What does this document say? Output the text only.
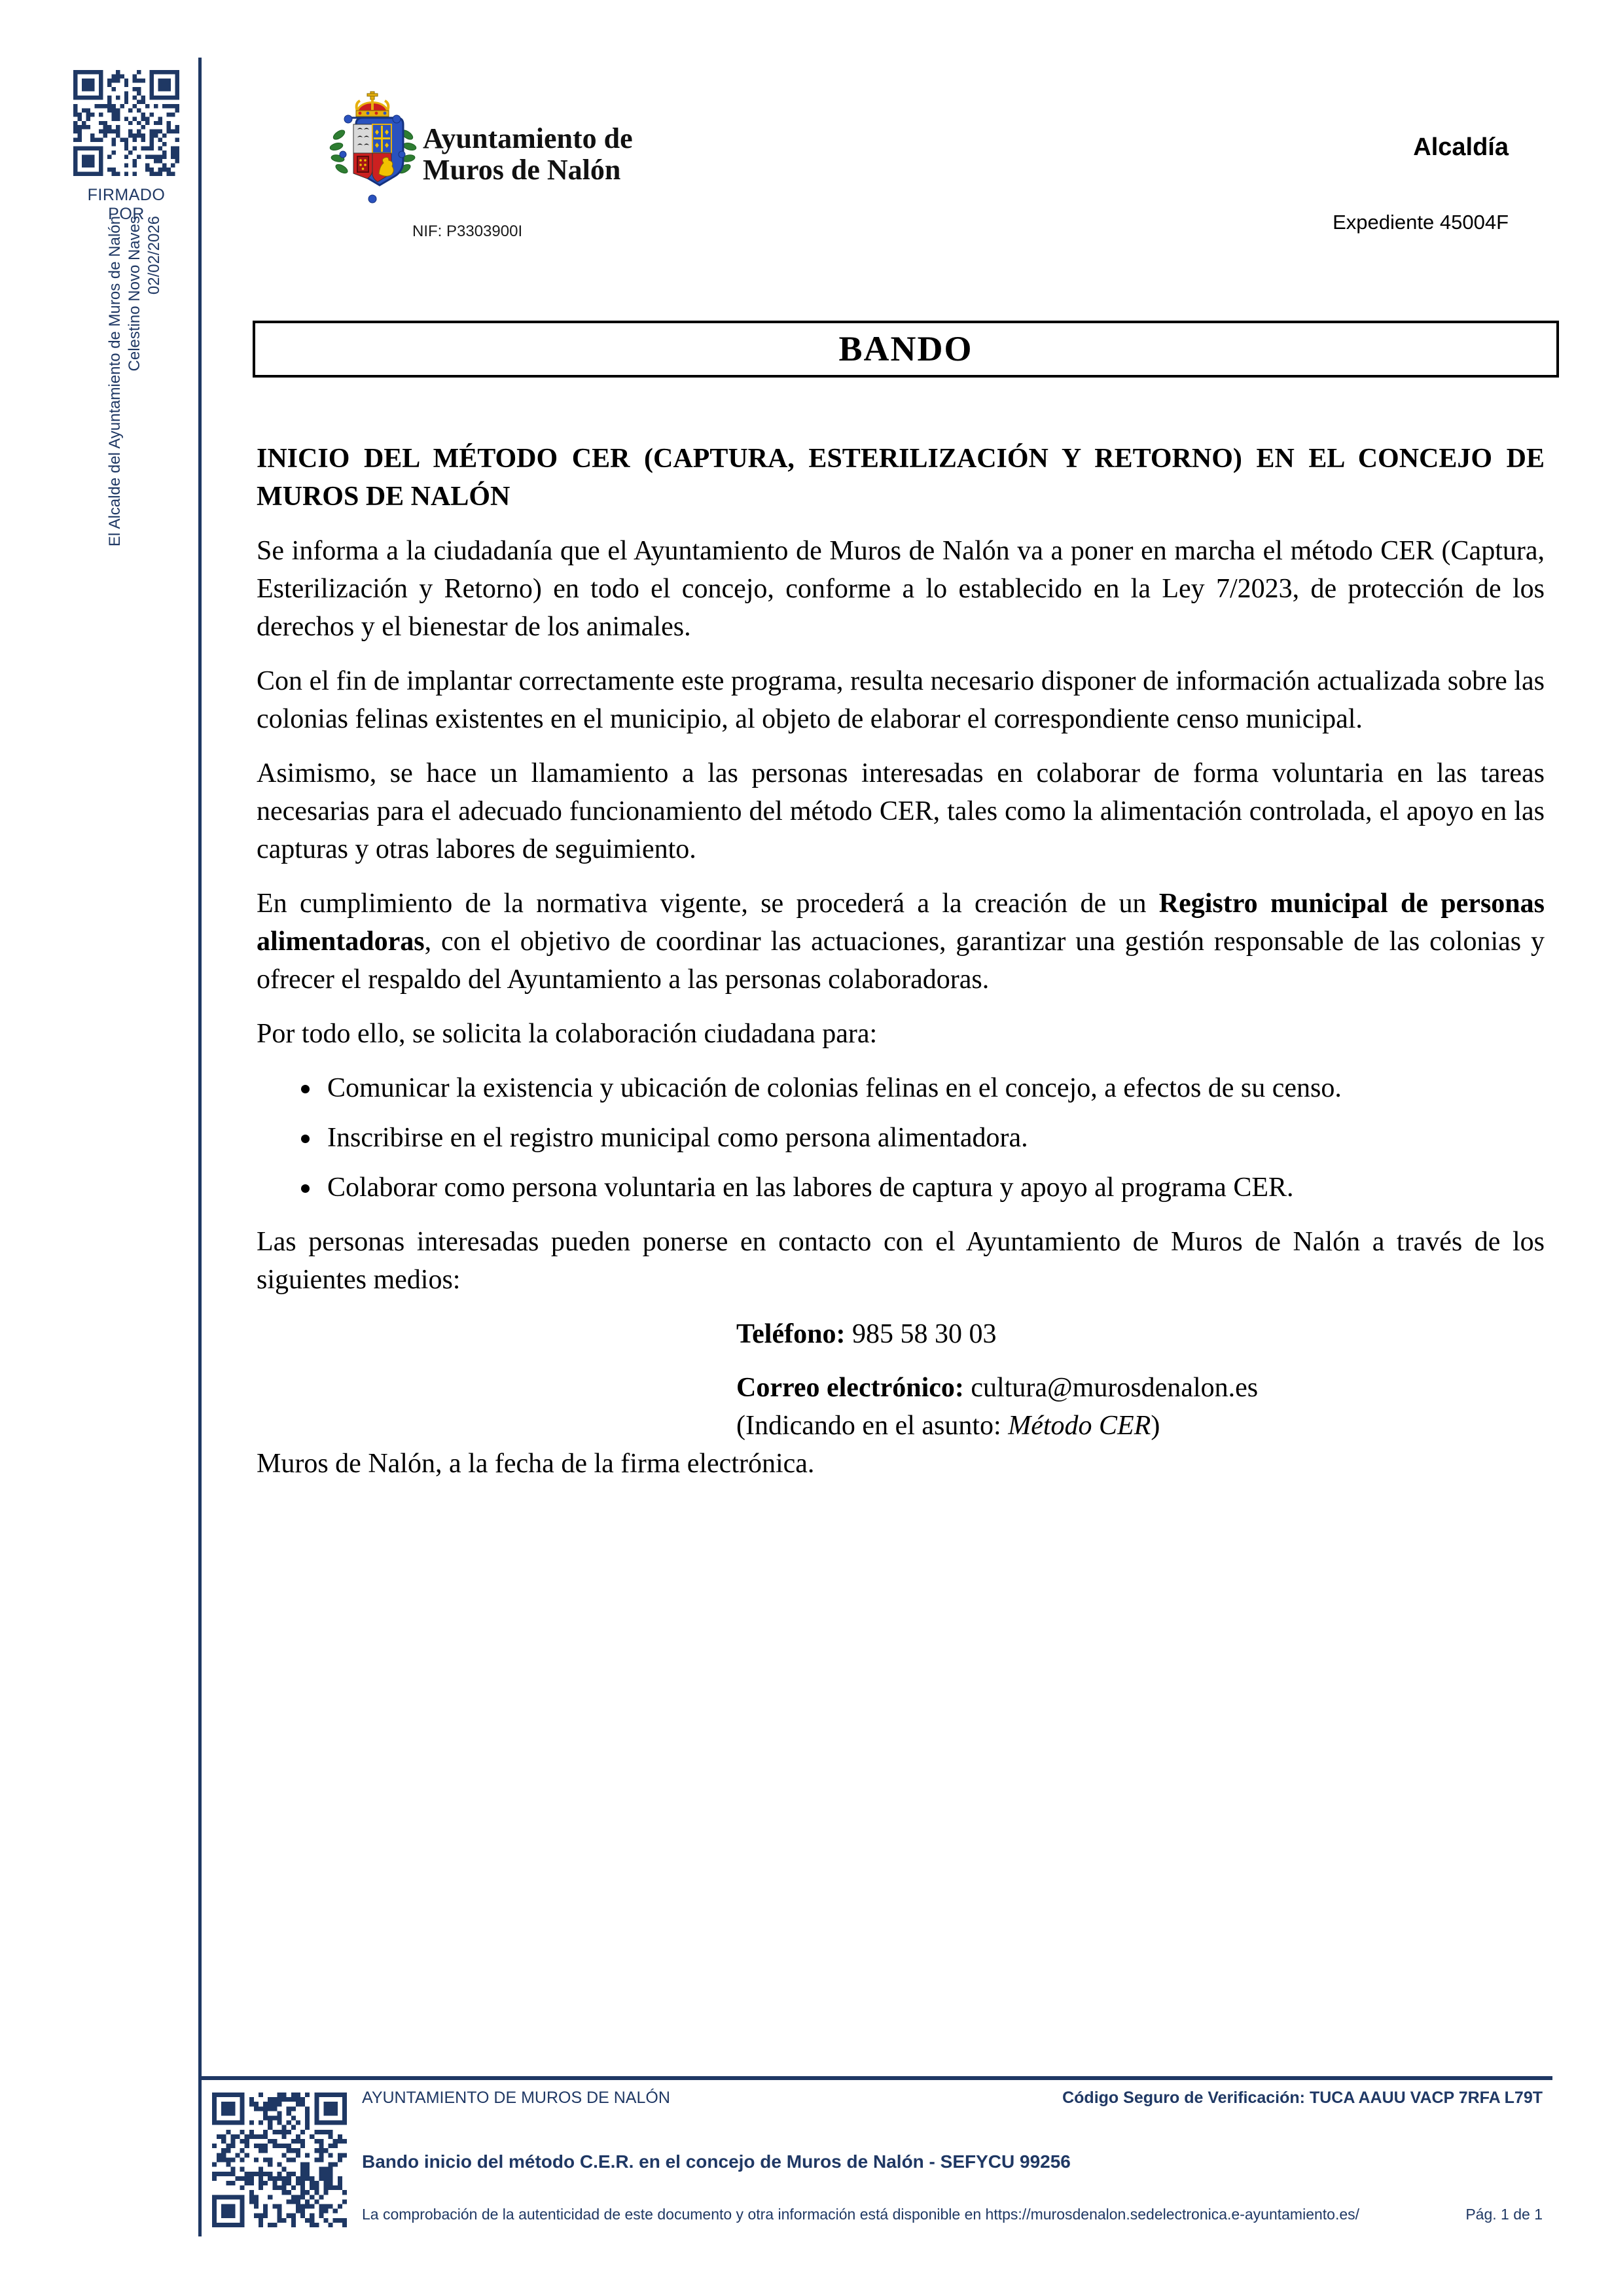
FIRMADO POR
El Alcalde del Ayuntamiento de Muros de Nalón Celestino Novo Naves 02/02/2026
Ayuntamiento de
Muros de Nalón
NIF: P3303900I
Alcaldía
Expediente 45004F
BANDO
INICIO DEL MÉTODO CER (CAPTURA, ESTERILIZACIÓN Y RETORNO) EN EL CONCEJO DE MUROS DE NALÓN

Se informa a la ciudadanía que el Ayuntamiento de Muros de Nalón va a poner en marcha el método CER (Captura, Esterilización y Retorno) en todo el concejo, conforme a lo establecido en la Ley 7/2023, de protección de los derechos y el bienestar de los animales.

Con el fin de implantar correctamente este programa, resulta necesario disponer de información actualizada sobre las colonias felinas existentes en el municipio, al objeto de elaborar el correspondiente censo municipal.

Asimismo, se hace un llamamiento a las personas interesadas en colaborar de forma voluntaria en las tareas necesarias para el adecuado funcionamiento del método CER, tales como la alimentación controlada, el apoyo en las capturas y otras labores de seguimiento.

En cumplimiento de la normativa vigente, se procederá a la creación de un Registro municipal de personas alimentadoras, con el objetivo de coordinar las actuaciones, garantizar una gestión responsable de las colonias y ofrecer el respaldo del Ayuntamiento a las personas colaboradoras.

Por todo ello, se solicita la colaboración ciudadana para:

Comunicar la existencia y ubicación de colonias felinas en el concejo, a efectos de su censo.
Inscribirse en el registro municipal como persona alimentadora.
Colaborar como persona voluntaria en las labores de captura y apoyo al programa CER.

Las personas interesadas pueden ponerse en contacto con el Ayuntamiento de Muros de Nalón a través de los siguientes medios:

Teléfono: 985 58 30 03

Correo electrónico: cultura@murosdenalon.es

(Indicando en el asunto: Método CER)

Muros de Nalón, a la fecha de la firma electrónica.

AYUNTAMIENTO DE MUROS DE NALÓN	Código Seguro de Verificación: TUCA AAUU VACP 7RFA L79T
Bando inicio del método C.E.R. en el concejo de Muros de Nalón - SEFYCU 99256
La comprobación de la autenticidad de este documento y otra información está disponible en https://murosdenalon.sedelectronica.e-ayuntamiento.es/	Pág. 1 de 1
